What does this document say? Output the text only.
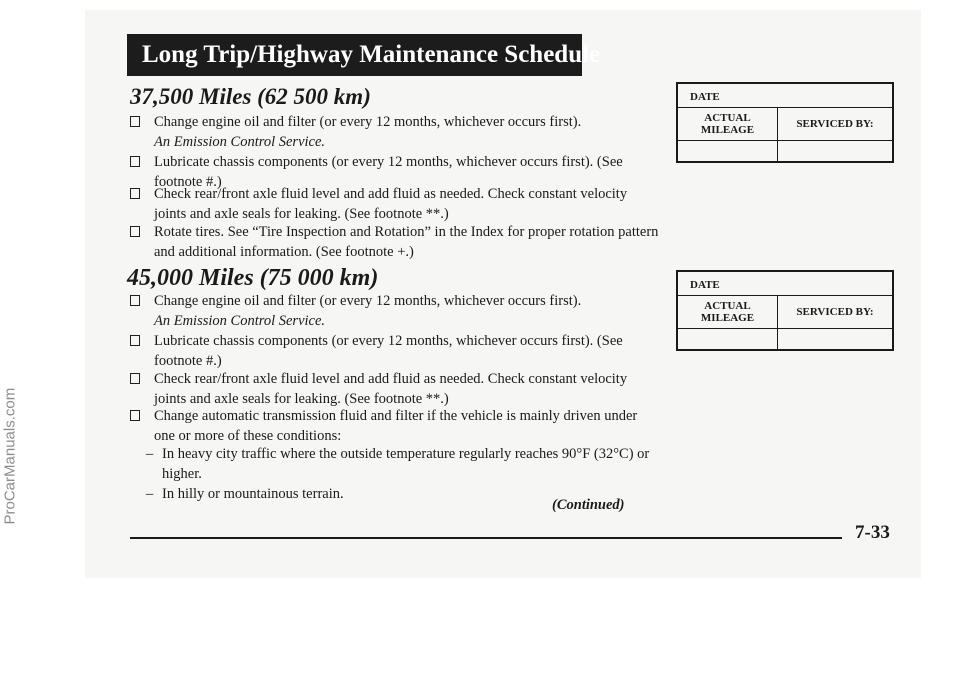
ProCarManuals.com
Long Trip/Highway Maintenance Schedule
37,500 Miles (62 500 km)
Change engine oil and filter (or every 12 months, whichever occurs first).
An Emission Control Service.
Lubricate chassis components (or every 12 months, whichever occurs first). (See footnote #.)
Check rear/front axle fluid level and add fluid as needed. Check constant velocity joints and axle seals for leaking. (See footnote **.)
Rotate tires. See “Tire Inspection and Rotation” in the Index for proper rotation pattern and additional information. (See footnote +.)
45,000 Miles (75 000 km)
Change engine oil and filter (or every 12 months, whichever occurs first).
An Emission Control Service.
Lubricate chassis components (or every 12 months, whichever occurs first). (See footnote #.)
Check rear/front axle fluid level and add fluid as needed. Check constant velocity joints and axle seals for leaking. (See footnote **.)
Change automatic transmission fluid and filter if the vehicle is mainly driven under one or more of these conditions:
– In heavy city traffic where the outside temperature regularly reaches 90°F (32°C) or higher.
– In hilly or mountainous terrain.
DATE
ACTUAL MILEAGE	SERVICED BY:
DATE
ACTUAL MILEAGE	SERVICED BY:
(Continued)
7-33
